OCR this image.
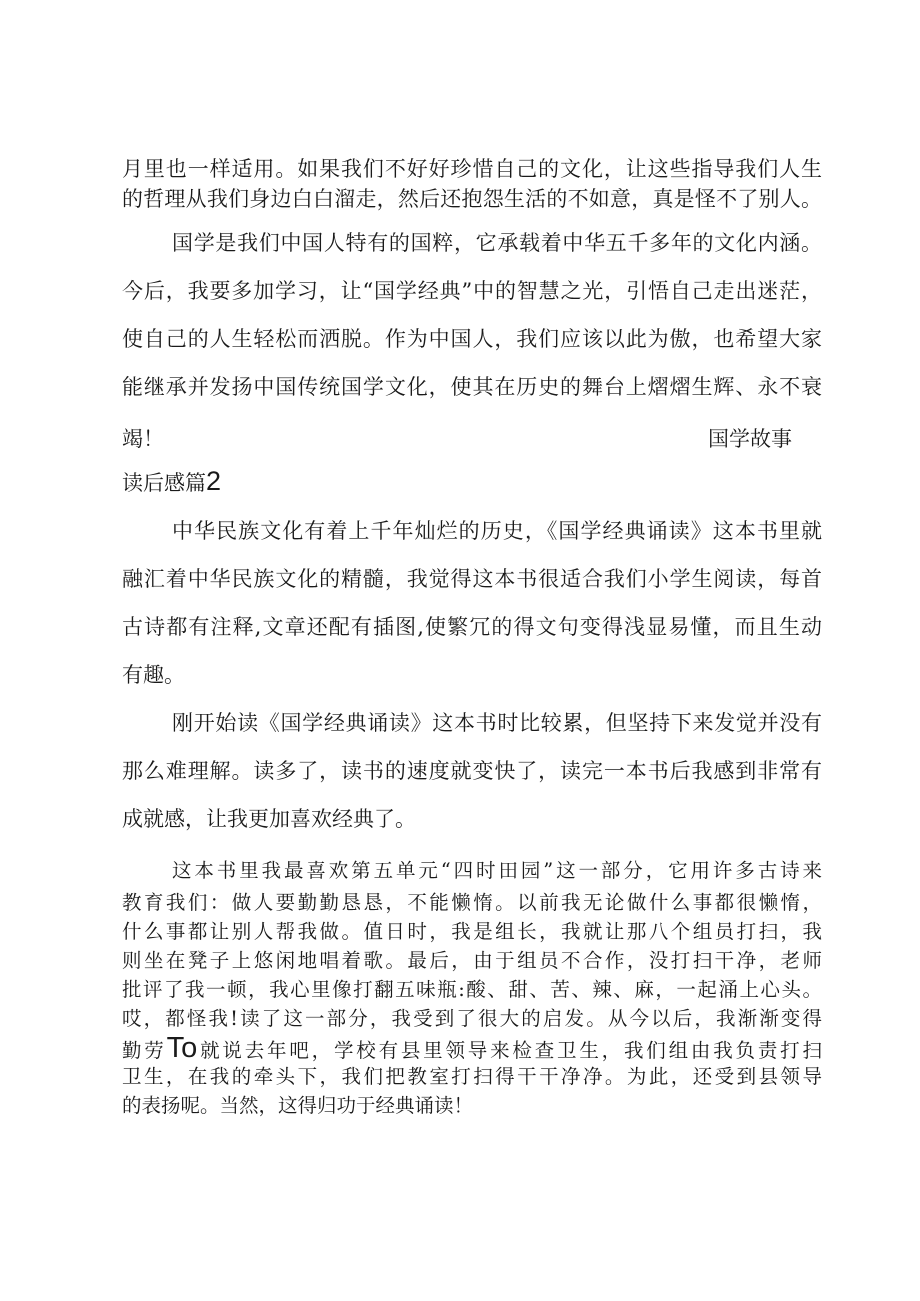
月里也一样适用。如果我们不好好珍惜自己的文化，让这些指导我们人生
的哲理从我们身边白白溜走，然后还抱怨生活的不如意，真是怪不了别人。
国学是我们中国人特有的国粹，它承载着中华五千多年的文化内涵。
今后，我要多加学习，让“国学经典”中的智慧之光，引悟自己走出迷茫，
使自己的人生轻松而洒脱。作为中国人，我们应该以此为傲，也希望大家
能继承并发扬中国传统国学文化，使其在历史的舞台上熠熠生辉、永不衰
竭！	国学故事
读后感篇2
中华民族文化有着上千年灿烂的历史，《国学经典诵读》这本书里就
融汇着中华民族文化的精髓，我觉得这本书很适合我们小学生阅读，每首
古诗都有注释,文章还配有插图,使繁冗的得文句变得浅显易懂，而且生动
有趣。
刚开始读《国学经典诵读》这本书时比较累，但坚持下来发觉并没有
那么难理解。读多了，读书的速度就变快了，读完一本书后我感到非常有
成就感，让我更加喜欢经典了。
这本书里我最喜欢第五单元“四时田园”这一部分，它用许多古诗来
教育我们：做人要勤勤恳恳，不能懒惰。以前我无论做什么事都很懒惰，
什么事都让别人帮我做。值日时，我是组长，我就让那八个组员打扫，我
则坐在凳子上悠闲地唱着歌。最后，由于组员不合作，没打扫干净，老师
批评了我一顿，我心里像打翻五味瓶:酸、甜、苦、辣、麻，一起涌上心头。
哎，都怪我!读了这一部分，我受到了很大的启发。从今以后，我渐渐变得
勤劳To就说去年吧，学校有县里领导来检查卫生，我们组由我负责打扫
卫生，在我的牵头下，我们把教室打扫得干干净净。为此，还受到县领导
的表扬呢。当然，这得归功于经典诵读！
